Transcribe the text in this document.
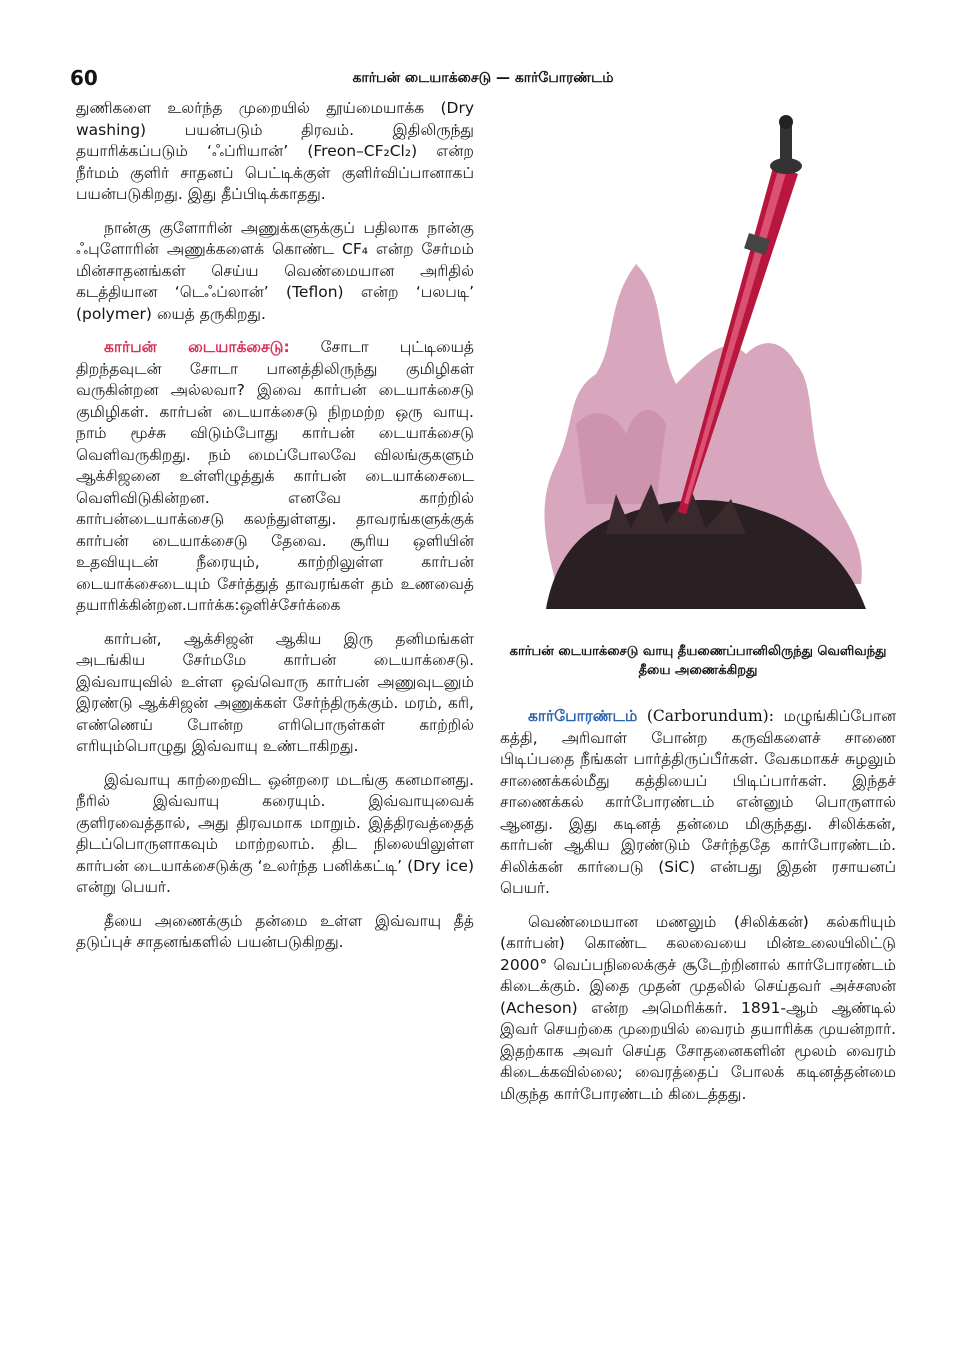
60	கார்பன் டையாக்சைடு — கார்போரண்டம்

துணிகளை உலர்ந்த முறையில் தூய்மையாக்க (Dry washing) பயன்படும் திரவம். இதிலிருந்து தயாரிக்கப்படும் ‘ஃப்ரியான்’ (Freon–CF₂Cl₂) என்ற நீர்மம் குளிர் சாதனப் பெட்டிக்குள் குளிர்விப்பானாகப் பயன்படுகிறது. இது தீப்பிடிக்காதது.

நான்கு குளோரின் அணுக்களுக்குப் பதிலாக நான்கு ஃபுளோரின் அணுக்களைக் கொண்ட CF₄ என்ற சேர்மம் மின்சாதனங்கள் செய்ய வெண்மையான அரிதில் கடத்தியான ‘டெஃப்லான்’ (Teflon) என்ற ‘பலபடி’ (polymer) யைத் தருகிறது.

கார்பன் டையாக்சைடு: சோடா புட்டியைத் திறந்தவுடன் சோடா பானத்திலிருந்து குமிழிகள் வருகின்றன அல்லவா? இவை கார்பன் டையாக்சைடு குமிழிகள். கார்பன் டையாக்சைடு நிறமற்ற ஒரு வாயு. நாம் மூச்சு விடும்போது கார்பன் டையாக்சைடு வெளிவருகிறது. நம் மைப்போலவே விலங்குகளும் ஆக்சிஜனை உள்ளிழுத்துக் கார்பன் டையாக்சைடை வெளிவிடுகின்றன. எனவே காற்றில் கார்பன்டையாக்சைடு கலந்துள்ளது. தாவரங்களுக்குக் கார்பன் டையாக்சைடு தேவை. சூரிய ஒளியின் உதவியுடன் நீரையும், காற்றிலுள்ள கார்பன் டையாக்சைடையும் சேர்த்துத் தாவரங்கள் தம் உணவைத் தயாரிக்கின்றன.பார்க்க:ஒளிச்சேர்க்கை

கார்பன், ஆக்சிஜன் ஆகிய இரு தனிமங்கள் அடங்கிய சேர்மமே கார்பன் டையாக்சைடு. இவ்வாயுவில் உள்ள ஒவ்வொரு கார்பன் அணுவுடனும் இரண்டு ஆக்சிஜன் அணுக்கள் சேர்ந்திருக்கும். மரம், கரி, எண்ணெய் போன்ற எரிபொருள்கள் காற்றில் எரியும்பொழுது இவ்வாயு உண்டாகிறது.

இவ்வாயு காற்றைவிட ஒன்றரை மடங்கு கனமானது. நீரில் இவ்வாயு கரையும். இவ்வாயுவைக் குளிரவைத்தால், அது திரவமாக மாறும். இத்திரவத்தைத் திடப்பொருளாகவும் மாற்றலாம். திட நிலையிலுள்ள கார்பன் டையாக்சைடுக்கு ‘உலர்ந்த பனிக்கட்டி’ (Dry ice) என்று பெயர்.

தீயை அணைக்கும் தன்மை உள்ள இவ்வாயு தீத் தடுப்புச் சாதனங்களில் பயன்படுகிறது.

கார்பன் டையாக்சைடு வாயு தீயணைப்பானிலிருந்து வெளிவந்து தீயை அணைக்கிறது

கார்போரண்டம் (Carborundum): மழுங்கிப்போன கத்தி, அரிவாள் போன்ற கருவிகளைச் சாணை பிடிப்பதை நீங்கள் பார்த்திருப்பீர்கள். வேகமாகச் சுழலும் சாணைக்கல்மீது கத்தியைப் பிடிப்பார்கள். இந்தச் சாணைக்கல் கார்போரண்டம் என்னும் பொருளால் ஆனது. இது கடினத் தன்மை மிகுந்தது. சிலிக்கன், கார்பன் ஆகிய இரண்டும் சேர்ந்ததே கார்போரண்டம். சிலிக்கன் கார்பைடு (SiC) என்பது இதன் ரசாயனப் பெயர்.

வெண்மையான மணலும் (சிலிக்கன்) கல்கரியும் (கார்பன்) கொண்ட கலவையை மின்உலையிலிட்டு 2000° வெப்பநிலைக்குச் சூடேற்றினால் கார்போரண்டம் கிடைக்கும். இதை முதன் முதலில் செய்தவர் அச்சஸன் (Acheson) என்ற அமெரிக்கர். 1891-ஆம் ஆண்டில் இவர் செயற்கை முறையில் வைரம் தயாரிக்க முயன்றார். இதற்காக அவர் செய்த சோதனைகளின் மூலம் வைரம் கிடைக்கவில்லை; வைரத்தைப் போலக் கடினத்தன்மை மிகுந்த கார்போரண்டம் கிடைத்தது.
